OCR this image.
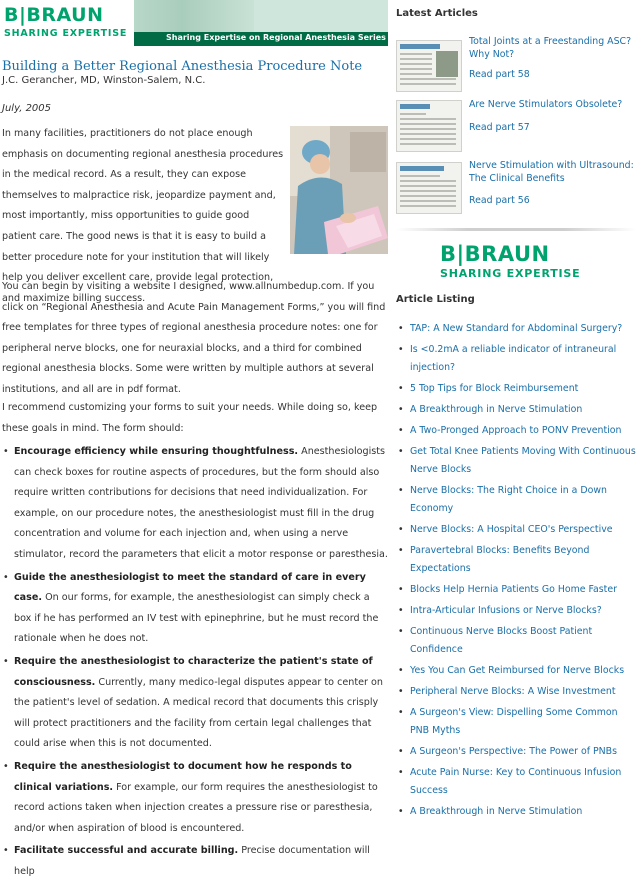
B|BRAUN
SHARING EXPERTISE	Sharing Expertise on Regional Anesthesia Series
Building a Better Regional Anesthesia Procedure Note
J.C. Gerancher, MD, Winston-Salem, N.C.
July, 2005
In many facilities, practitioners do not place enough emphasis on documenting regional anesthesia procedures in the medical record. As a result, they can expose themselves to malpractice risk, jeopardize payment and, most importantly, miss opportunities to guide good patient care. The good news is that it is easy to build a better procedure note for your institution that will likely help you deliver excellent care, provide legal protection, and maximize billing success.
You can begin by visiting a website I designed, www.allnumbedup.com. If you click on “Regional Anesthesia and Acute Pain Management Forms,” you will find free templates for three types of regional anesthesia procedure notes: one for peripheral nerve blocks, one for neuraxial blocks, and a third for combined regional anesthesia blocks. Some were written by multiple authors at several institutions, and all are in pdf format.
I recommend customizing your forms to suit your needs. While doing so, keep these goals in mind. The form should:
• Encourage efficiency while ensuring thoughtfulness. Anesthesiologists can check boxes for routine aspects of procedures, but the form should also require written contributions for decisions that need individualization. For example, on our procedure notes, the anesthesiologist must fill in the drug concentration and volume for each injection and, when using a nerve stimulator, record the parameters that elicit a motor response or paresthesia.
• Guide the anesthesiologist to meet the standard of care in every case. On our forms, for example, the anesthesiologist can simply check a box if he has performed an IV test with epinephrine, but he must record the rationale when he does not.
• Require the anesthesiologist to characterize the patient's state of consciousness. Currently, many medico-legal disputes appear to center on the patient's level of sedation. A medical record that documents this crisply will protect practitioners and the facility from certain legal challenges that could arise when this is not documented.
• Require the anesthesiologist to document how he responds to clinical variations. For example, our form requires the anesthesiologist to record actions taken when injection creates a pressure rise or paresthesia, and/or when aspiration of blood is encountered.
• Facilitate successful and accurate billing. Precise documentation will help
Latest Articles
Total Joints at a Freestanding ASC? Why Not?
Read part 58
Are Nerve Stimulators Obsolete?
Read part 57
Nerve Stimulation with Ultrasound: The Clinical Benefits
Read part 56
B|BRAUN
SHARING EXPERTISE
Article Listing
• TAP: A New Standard for Abdominal Surgery?
• Is <0.2mA a reliable indicator of intraneural injection?
• 5 Top Tips for Block Reimbursement
• A Breakthrough in Nerve Stimulation
• A Two-Pronged Approach to PONV Prevention
• Get Total Knee Patients Moving With Continuous Nerve Blocks
• Nerve Blocks: The Right Choice in a Down Economy
• Nerve Blocks: A Hospital CEO's Perspective
• Paravertebral Blocks: Benefits Beyond Expectations
• Blocks Help Hernia Patients Go Home Faster
• Intra-Articular Infusions or Nerve Blocks?
• Continuous Nerve Blocks Boost Patient Confidence
• Yes You Can Get Reimbursed for Nerve Blocks
• Peripheral Nerve Blocks: A Wise Investment
• A Surgeon's View: Dispelling Some Common PNB Myths
• A Surgeon's Perspective: The Power of PNBs
• Acute Pain Nurse: Key to Continuous Infusion Success
• A Breakthrough in Nerve Stimulation
